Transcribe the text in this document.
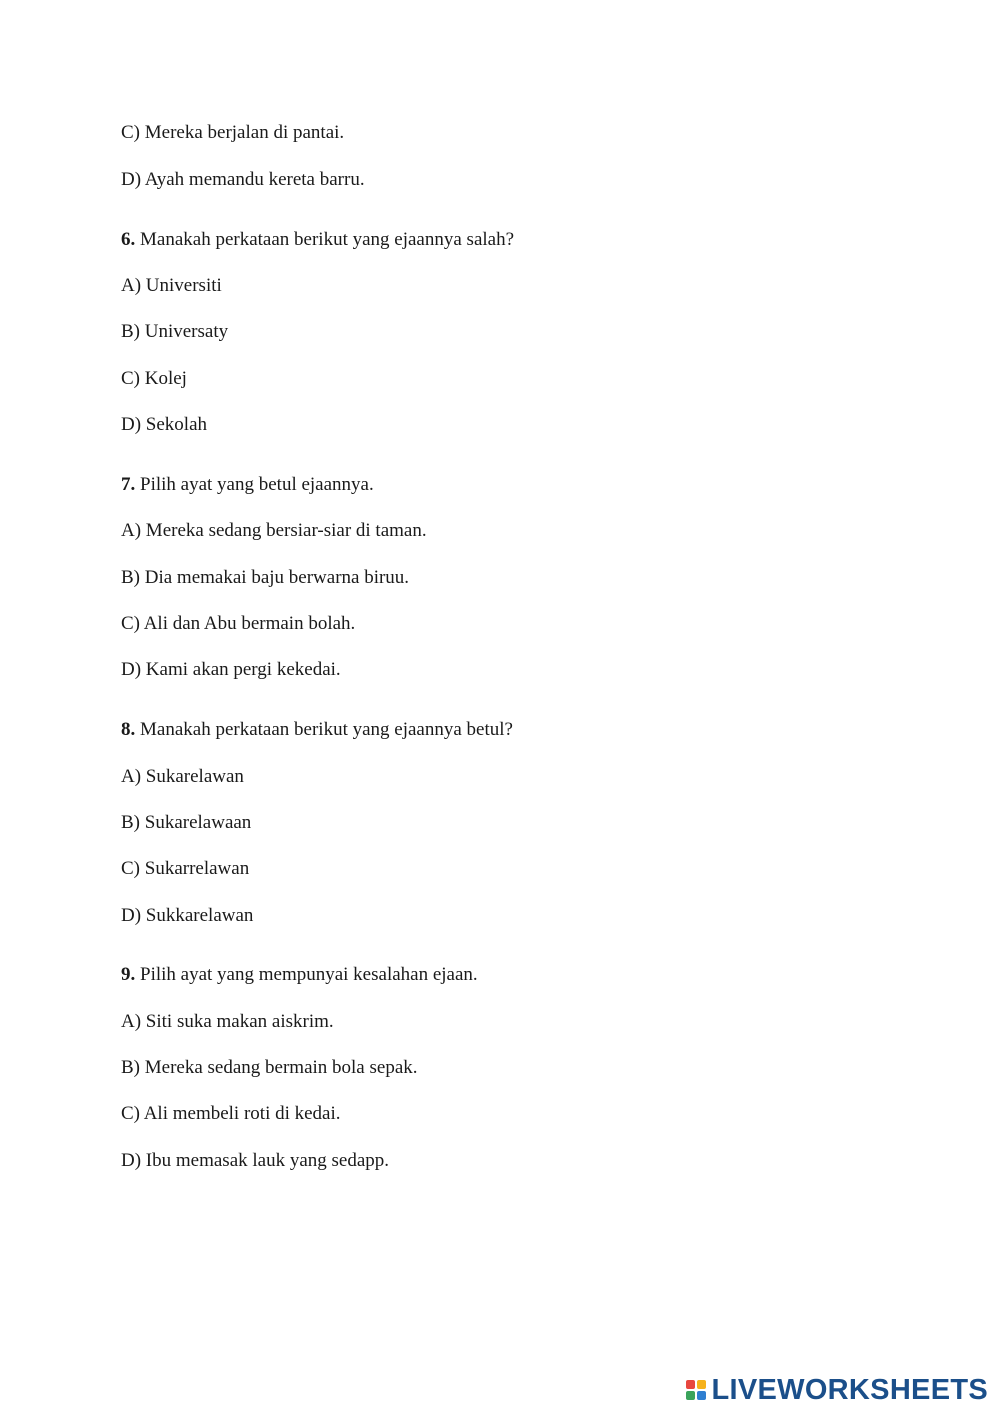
C) Mereka berjalan di pantai.
D) Ayah memandu kereta barru.
6. Manakah perkataan berikut yang ejaannya salah?
A) Universiti
B) Universaty
C) Kolej
D) Sekolah
7. Pilih ayat yang betul ejaannya.
A) Mereka sedang bersiar-siar di taman.
B) Dia memakai baju berwarna biruu.
C) Ali dan Abu bermain bolah.
D) Kami akan pergi kekedai.
8. Manakah perkataan berikut yang ejaannya betul?
A) Sukarelawan
B) Sukarelawaan
C) Sukarrelawan
D) Sukkarelawan
9. Pilih ayat yang mempunyai kesalahan ejaan.
A) Siti suka makan aiskrim.
B) Mereka sedang bermain bola sepak.
C) Ali membeli roti di kedai.
D) Ibu memasak lauk yang sedapp.
LIVEWORKSHEETS
